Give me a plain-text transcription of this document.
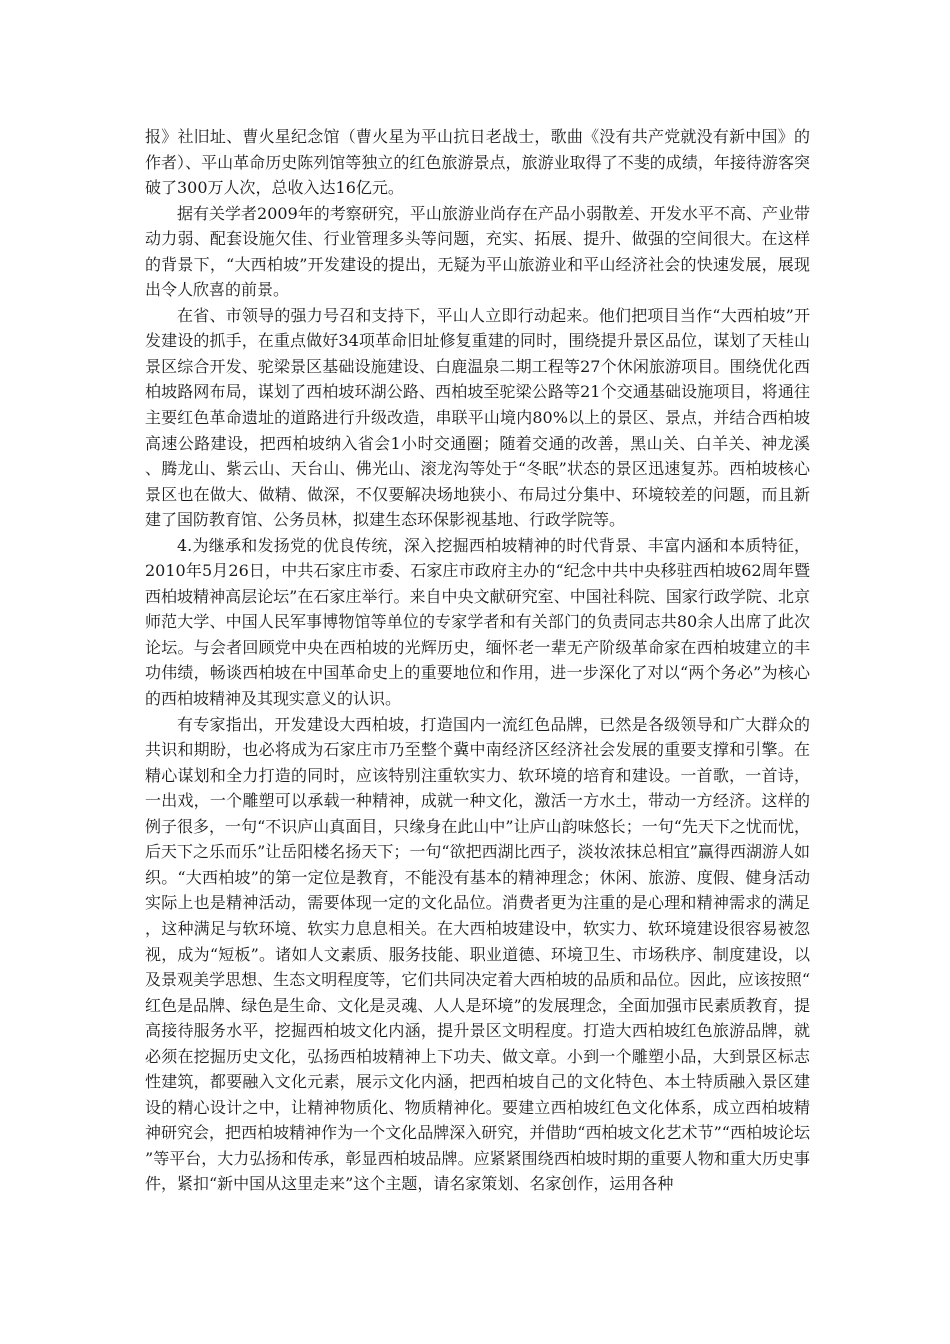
报》社旧址、曹火星纪念馆（曹火星为平山抗日老战士，歌曲《没有共产党就没有新中国》的作者）、平山革命历史陈列馆等独立的红色旅游景点，旅游业取得了不斐的成绩，年接待游客突破了300万人次，总收入达16亿元。

据有关学者2009年的考察研究，平山旅游业尚存在产品小弱散差、开发水平不高、产业带动力弱、配套设施欠佳、行业管理多头等问题，充实、拓展、提升、做强的空间很大。在这样的背景下，“大西柏坡”开发建设的提出，无疑为平山旅游业和平山经济社会的快速发展，展现出令人欣喜的前景。

在省、市领导的强力号召和支持下，平山人立即行动起来。他们把项目当作“大西柏坡”开发建设的抓手，在重点做好34项革命旧址修复重建的同时，围绕提升景区品位，谋划了天桂山景区综合开发、驼梁景区基础设施建设、白鹿温泉二期工程等27个休闲旅游项目。围绕优化西柏坡路网布局，谋划了西柏坡环湖公路、西柏坡至驼梁公路等21个交通基础设施项目，将通往主要红色革命遗址的道路进行升级改造，串联平山境内80%以上的景区、景点，并结合西柏坡高速公路建设，把西柏坡纳入省会1小时交通圈；随着交通的改善，黑山关、白羊关、神龙溪、腾龙山、紫云山、天台山、佛光山、滚龙沟等处于“冬眠”状态的景区迅速复苏。西柏坡核心景区也在做大、做精、做深，不仅要解决场地狭小、布局过分集中、环境较差的问题，而且新建了国防教育馆、公务员林，拟建生态环保影视基地、行政学院等。

4.为继承和发扬党的优良传统，深入挖掘西柏坡精神的时代背景、丰富内涵和本质特征，2010年5月26日，中共石家庄市委、石家庄市政府主办的“纪念中共中央移驻西柏坡62周年暨西柏坡精神高层论坛”在石家庄举行。来自中央文献研究室、中国社科院、国家行政学院、北京师范大学、中国人民军事博物馆等单位的专家学者和有关部门的负责同志共80余人出席了此次论坛。与会者回顾党中央在西柏坡的光辉历史，缅怀老一辈无产阶级革命家在西柏坡建立的丰功伟绩，畅谈西柏坡在中国革命史上的重要地位和作用，进一步深化了对以“两个务必”为核心的西柏坡精神及其现实意义的认识。

有专家指出，开发建设大西柏坡，打造国内一流红色品牌，已然是各级领导和广大群众的共识和期盼，也必将成为石家庄市乃至整个冀中南经济区经济社会发展的重要支撑和引擎。在精心谋划和全力打造的同时，应该特别注重软实力、软环境的培育和建设。一首歌，一首诗，一出戏，一个雕塑可以承载一种精神，成就一种文化，激活一方水土，带动一方经济。这样的例子很多，一句“不识庐山真面目，只缘身在此山中”让庐山韵味悠长；一句“先天下之忧而忧，后天下之乐而乐”让岳阳楼名扬天下；一句“欲把西湖比西子，淡妆浓抹总相宜”赢得西湖游人如织。“大西柏坡”的第一定位是教育，不能没有基本的精神理念；休闲、旅游、度假、健身活动实际上也是精神活动，需要体现一定的文化品位。消费者更为注重的是心理和精神需求的满足，这种满足与软环境、软实力息息相关。在大西柏坡建设中，软实力、软环境建设很容易被忽视，成为“短板”。诸如人文素质、服务技能、职业道德、环境卫生、市场秩序、制度建设，以及景观美学思想、生态文明程度等，它们共同决定着大西柏坡的品质和品位。因此，应该按照“红色是品牌、绿色是生命、文化是灵魂、人人是环境”的发展理念，全面加强市民素质教育，提高接待服务水平，挖掘西柏坡文化内涵，提升景区文明程度。打造大西柏坡红色旅游品牌，就必须在挖掘历史文化，弘扬西柏坡精神上下功夫、做文章。小到一个雕塑小品，大到景区标志性建筑，都要融入文化元素，展示文化内涵，把西柏坡自己的文化特色、本土特质融入景区建设的精心设计之中，让精神物质化、物质精神化。要建立西柏坡红色文化体系，成立西柏坡精神研究会，把西柏坡精神作为一个文化品牌深入研究，并借助“西柏坡文化艺术节”“西柏坡论坛”等平台，大力弘扬和传承，彰显西柏坡品牌。应紧紧围绕西柏坡时期的重要人物和重大历史事件，紧扣“新中国从这里走来”这个主题，请名家策划、名家创作，运用各种
